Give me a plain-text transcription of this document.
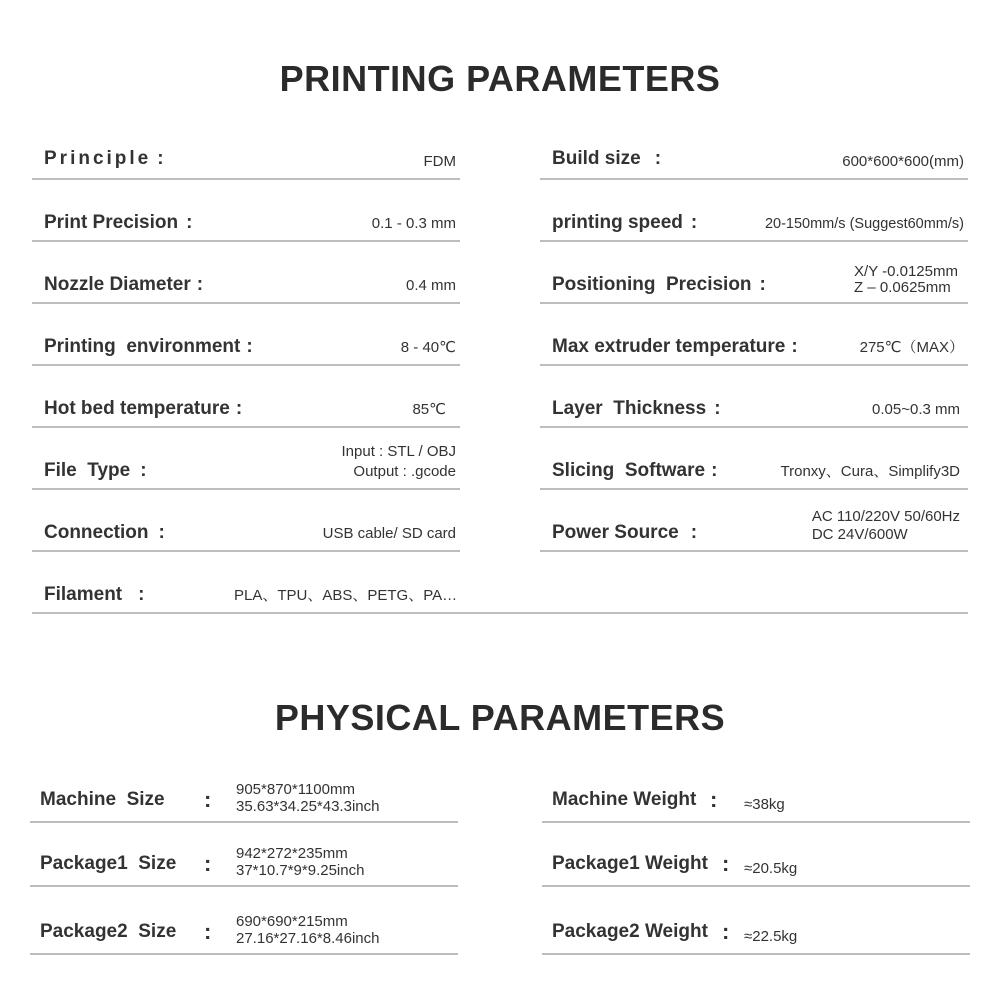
PRINTING PARAMETERS
Principle :	FDM
Print Precision :	0.1 - 0.3 mm
Nozzle Diameter :	0.4 mm
Printing  environment :	8 - 40℃
Hot bed temperature :	85℃
File  Type :
Input : STL / OBJ
Output : .gcode
Connection :	USB cable/ SD card
Filament :	PLA、TPU、ABS、PETG、PA…
Build size :	600*600*600(mm)
printing speed :	20-150mm/s (Suggest60mm/s)
Positioning  Precision :
X/Y -0.0125mm
Z – 0.0625mm
Max extruder temperature :	275℃（MAX）
Layer  Thickness :	0.05~0.3 mm
Slicing  Software :	Tronxy、Cura、Simplify3D
Power Source :
AC 110/220V 50/60Hz
DC 24V/600W
PHYSICAL PARAMETERS
Machine  Size : 905*870*1100mm
35.63*34.25*43.3inch
Package1  Size : 942*272*235mm
37*10.7*9*9.25inch
Package2  Size : 690*690*215mm
27.16*27.16*8.46inch
Machine Weight : ≈38kg
Package1 Weight : ≈20.5kg
Package2 Weight : ≈22.5kg
